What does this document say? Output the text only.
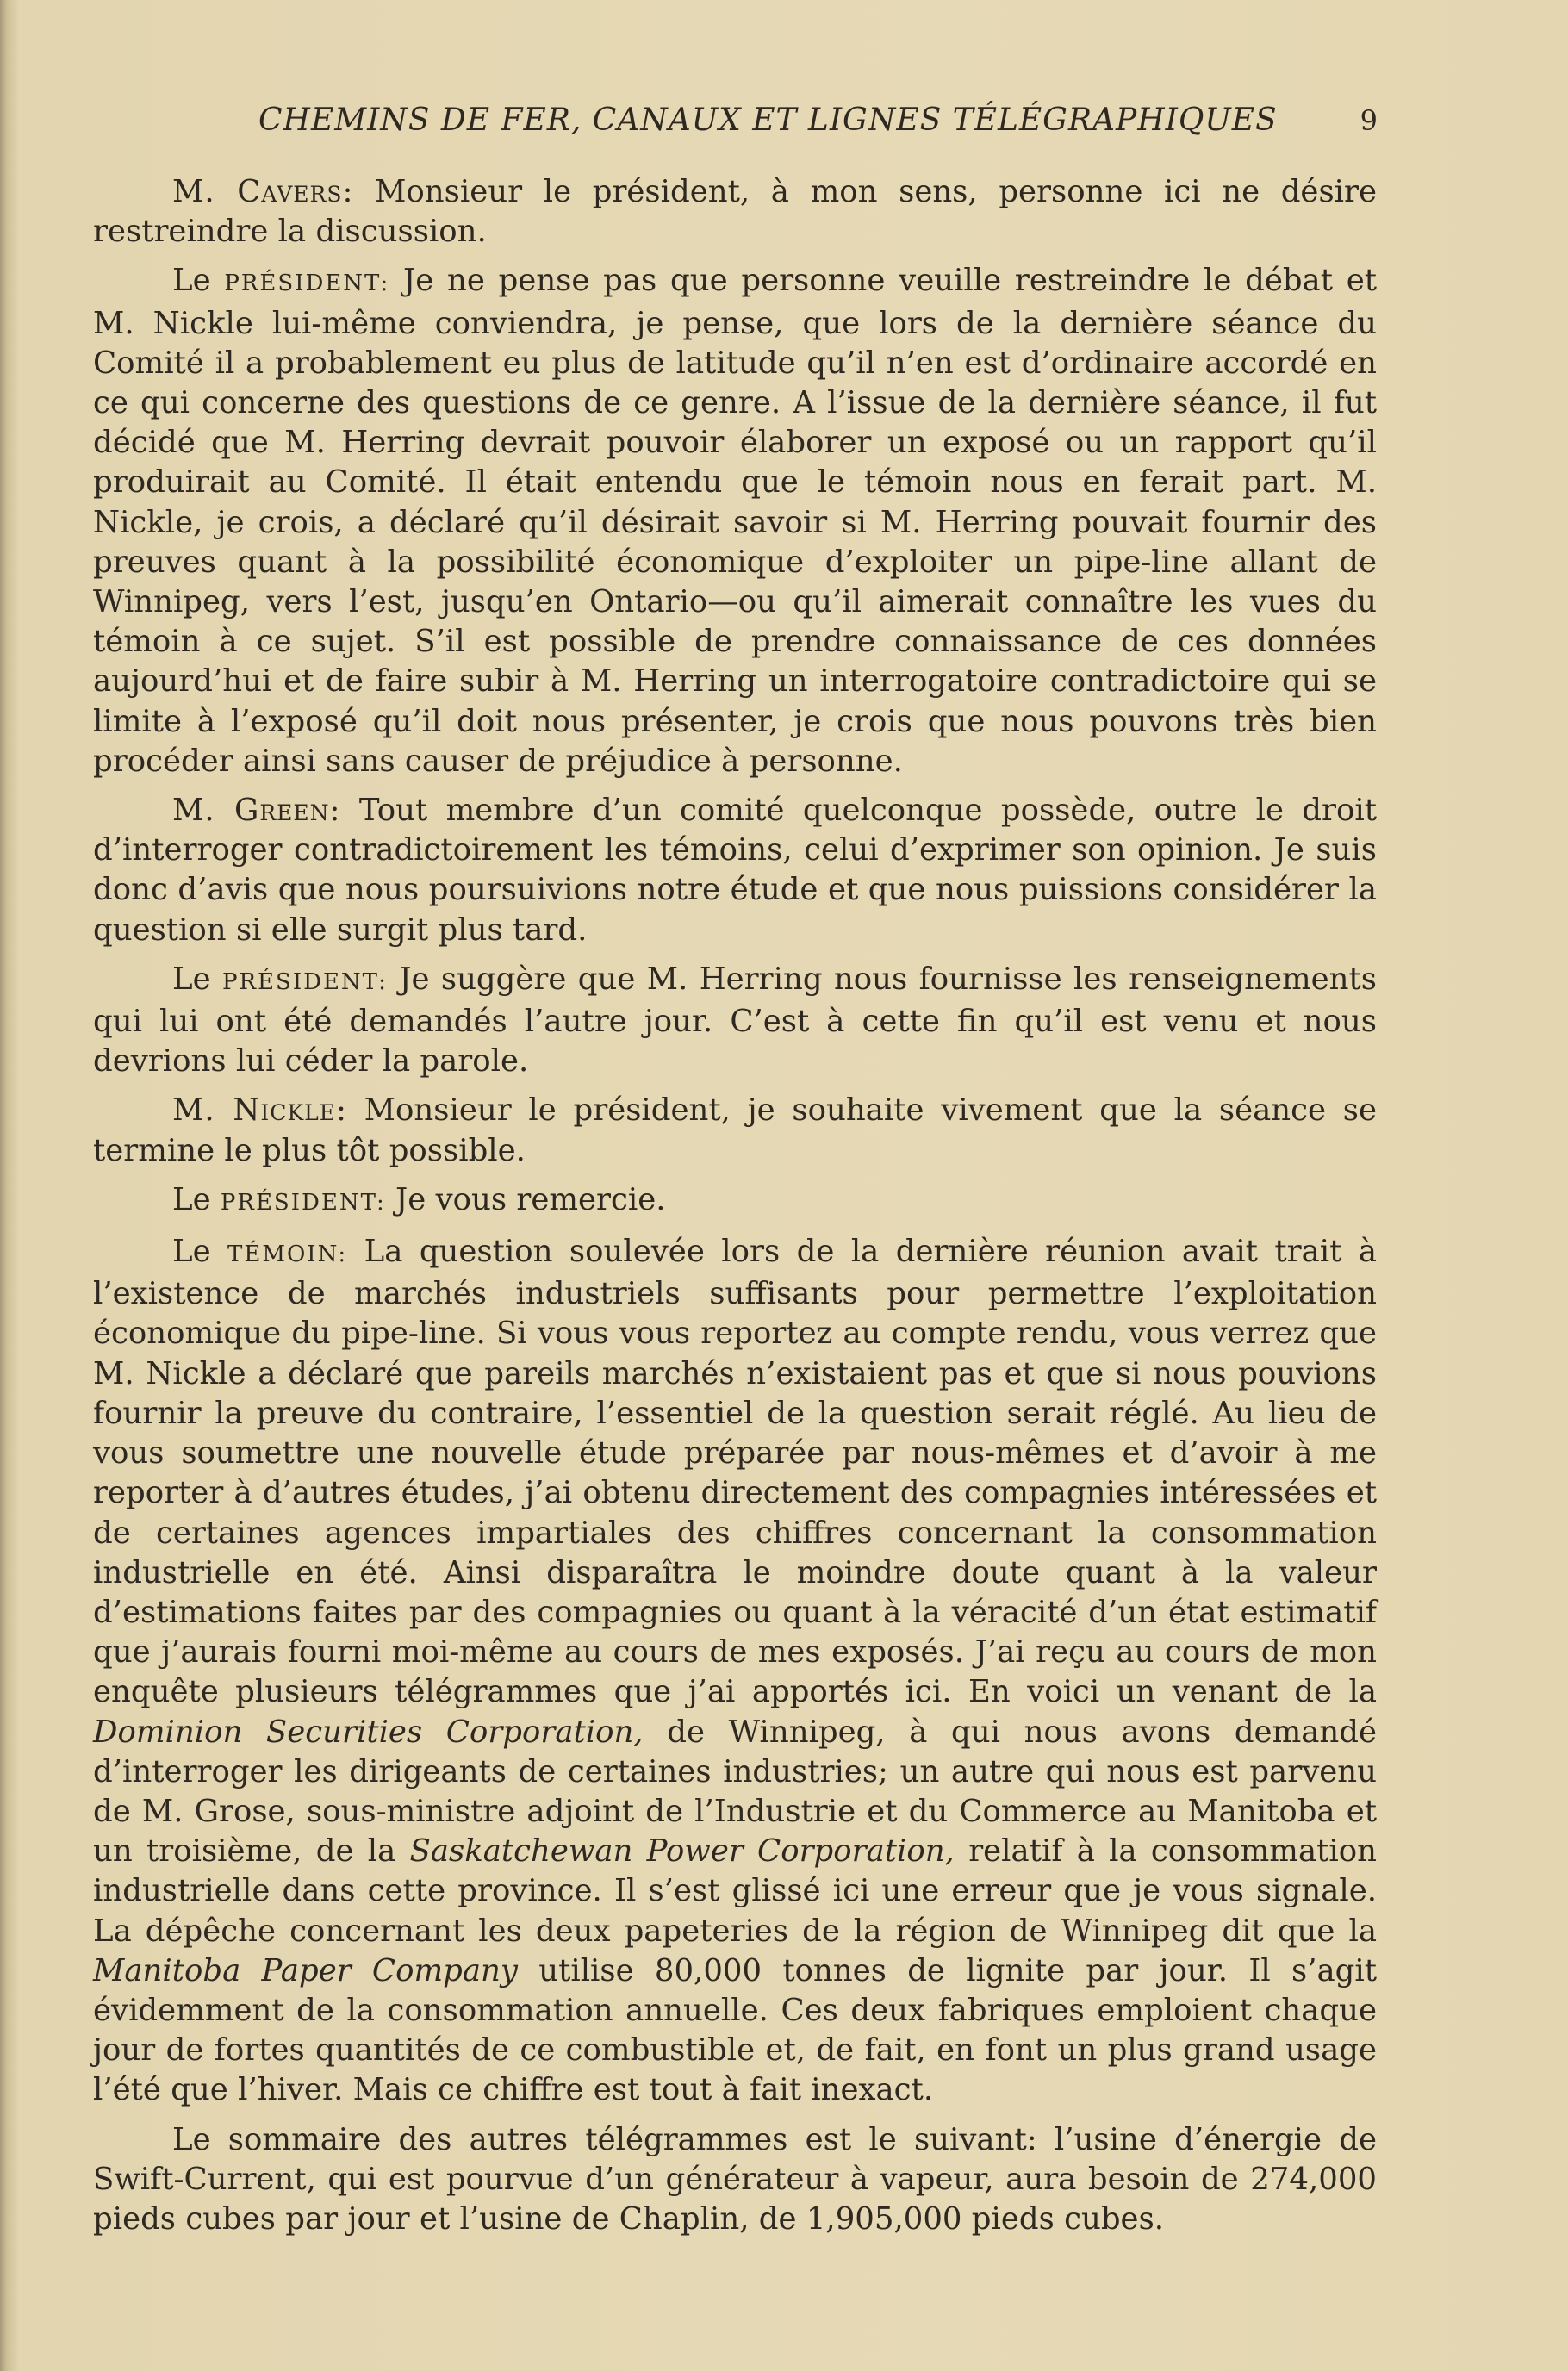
CHEMINS DE FER, CANAUX ET LIGNES TÉLÉGRAPHIQUES	9

M. Cavers: Monsieur le président, à mon sens, personne ici ne désire restreindre la discussion.

Le PRÉSIDENT: Je ne pense pas que personne veuille restreindre le débat et M. Nickle lui-même conviendra, je pense, que lors de la dernière séance du Comité il a probablement eu plus de latitude qu’il n’en est d’ordinaire accordé en ce qui concerne des questions de ce genre. A l’issue de la dernière séance, il fut décidé que M. Herring devrait pouvoir élaborer un exposé ou un rapport qu’il produirait au Comité. Il était entendu que le témoin nous en ferait part. M. Nickle, je crois, a déclaré qu’il désirait savoir si M. Herring pouvait fournir des preuves quant à la possibilité économique d’exploiter un pipe-line allant de Winnipeg, vers l’est, jusqu’en Ontario—ou qu’il aimerait connaître les vues du témoin à ce sujet. S’il est possible de prendre connaissance de ces données aujourd’hui et de faire subir à M. Herring un interrogatoire contradictoire qui se limite à l’exposé qu’il doit nous présenter, je crois que nous pouvons très bien procéder ainsi sans causer de préjudice à personne.

M. Green: Tout membre d’un comité quelconque possède, outre le droit d’interroger contradictoirement les témoins, celui d’exprimer son opinion. Je suis donc d’avis que nous poursuivions notre étude et que nous puissions considérer la question si elle surgit plus tard.

Le PRÉSIDENT: Je suggère que M. Herring nous fournisse les renseignements qui lui ont été demandés l’autre jour. C’est à cette fin qu’il est venu et nous devrions lui céder la parole.

M. Nickle: Monsieur le président, je souhaite vivement que la séance se termine le plus tôt possible.

Le PRÉSIDENT: Je vous remercie.

Le TÉMOIN: La question soulevée lors de la dernière réunion avait trait à l’existence de marchés industriels suffisants pour permettre l’exploitation économique du pipe-line. Si vous vous reportez au compte rendu, vous verrez que M. Nickle a déclaré que pareils marchés n’existaient pas et que si nous pouvions fournir la preuve du contraire, l’essentiel de la question serait réglé. Au lieu de vous soumettre une nouvelle étude préparée par nous-mêmes et d’avoir à me reporter à d’autres études, j’ai obtenu directement des compagnies intéressées et de certaines agences impartiales des chiffres concernant la consommation industrielle en été. Ainsi disparaîtra le moindre doute quant à la valeur d’estimations faites par des compagnies ou quant à la véracité d’un état estimatif que j’aurais fourni moi-même au cours de mes exposés. J’ai reçu au cours de mon enquête plusieurs télégrammes que j’ai apportés ici. En voici un venant de la Dominion Securities Corporation, de Winnipeg, à qui nous avons demandé d’interroger les dirigeants de certaines industries; un autre qui nous est parvenu de M. Grose, sous-ministre adjoint de l’Industrie et du Commerce au Manitoba et un troisième, de la Saskatchewan Power Corporation, relatif à la consommation industrielle dans cette province. Il s’est glissé ici une erreur que je vous signale. La dépêche concernant les deux papeteries de la région de Winnipeg dit que la Manitoba Paper Company utilise 80,000 tonnes de lignite par jour. Il s’agit évidemment de la consommation annuelle. Ces deux fabriques emploient chaque jour de fortes quantités de ce combustible et, de fait, en font un plus grand usage l’été que l’hiver. Mais ce chiffre est tout à fait inexact.

Le sommaire des autres télégrammes est le suivant: l’usine d’énergie de Swift-Current, qui est pourvue d’un générateur à vapeur, aura besoin de 274,000 pieds cubes par jour et l’usine de Chaplin, de 1,905,000 pieds cubes.
